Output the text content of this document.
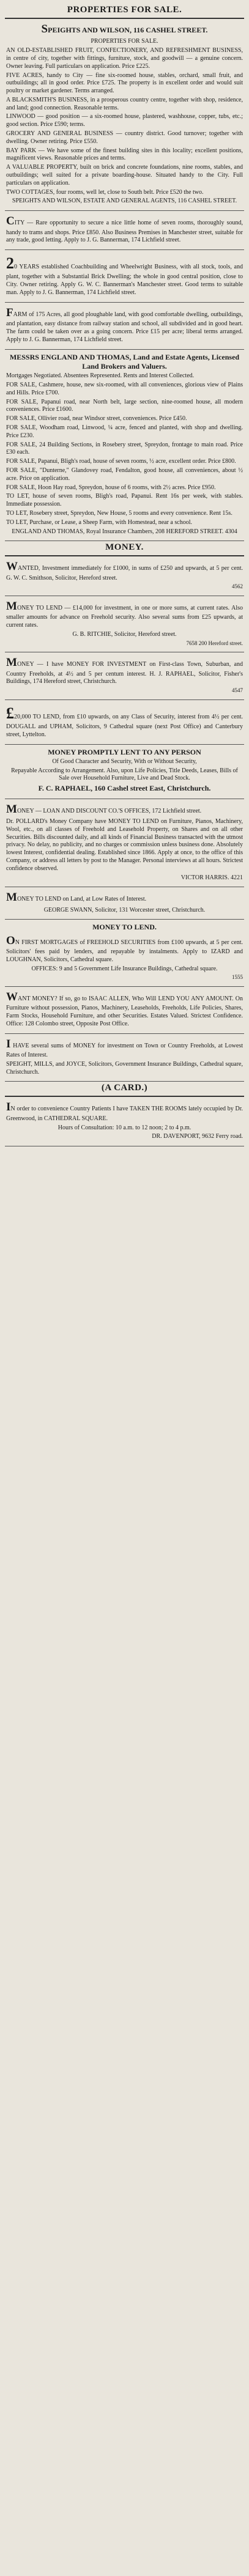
PROPERTIES FOR SALE.

SPEIGHTS AND WILSON, 116 CASHEL STREET.

PROPERTIES FOR SALE.

AN OLD-ESTABLISHED FRUIT, CONFECTIONERY, AND REFRESHMENT BUSINESS, in centre of city, together with fittings, furniture, stock, and goodwill — a genuine concern. Owner leaving. Full particulars on application. Price £225.

FIVE ACRES, handy to City — fine six-roomed house, stables, orchard, small fruit, and outbuildings; all in good order. Price £725. The property is in excellent order and would suit poultry or market gardener. Terms arranged.

A BLACKSMITH'S BUSINESS, in a prosperous country centre, together with shop, residence, and land; good connection. Reasonable terms.

LINWOOD — good position — a six-roomed house, plastered, washhouse, copper, tubs, etc.; good section. Price £590; terms.

GROCERY AND GENERAL BUSINESS — country district. Good turnover; together with dwelling. Owner retiring. Price £550.

BAY PARK — We have some of the finest building sites in this locality; excellent positions, magnificent views. Reasonable prices and terms.

A VALUABLE PROPERTY, built on brick and concrete foundations, nine rooms, stables, and outbuildings; well suited for a private boarding-house. Situated handy to the City. Full particulars on application.

TWO COTTAGES, four rooms, well let, close to South belt. Price £520 the two.

SPEIGHTS AND WILSON, ESTATE AND GENERAL AGENTS, 116 CASHEL STREET.

CITY — Rare opportunity to secure a nice little home of seven rooms, thoroughly sound, handy to trams and shops. Price £850. Also Business Premises in Manchester street, suitable for any trade, good letting. Apply to J. G. Bannerman, 174 Lichfield street.

20 YEARS established Coachbuilding and Wheelwright Business, with all stock, tools, and plant, together with a Substantial Brick Dwelling; the whole in good central position, close to City. Owner retiring. Apply G. W. C. Bannerman's Manchester street. Good terms to suitable man. Apply to J. G. Bannerman, 174 Lichfield street.

FARM of 175 Acres, all good ploughable land, with good comfortable dwelling, outbuildings, and plantation, easy distance from railway station and school, all subdivided and in good heart. The farm could be taken over as a going concern. Price £15 per acre; liberal terms arranged. Apply to J. G. Bannerman, 174 Lichfield street.

MESSRS ENGLAND AND THOMAS, Land and Estate Agents, Licensed Land Brokers and Valuers.

Mortgages Negotiated. Absentees Represented. Rents and Interest Collected.

FOR SALE, Cashmere, house, new six-roomed, with all conveniences, glorious view of Plains and Hills. Price £700.

FOR SALE, Papanui road, near North belt, large section, nine-roomed house, all modern conveniences. Price £1600.

FOR SALE, Ollivier road, near Windsor street, conveniences. Price £450.

FOR SALE, Woodham road, Linwood, ¼ acre, fenced and planted, with shop and dwelling. Price £230.

FOR SALE, 24 Building Sections, in Rosebery street, Spreydon, frontage to main road. Price £30 each.

FOR SALE, Papanui, Bligh's road, house of seven rooms, ½ acre, excellent order. Price £800.

FOR SALE, "Dunterne," Glandovey road, Fendalton, good house, all conveniences, about ½ acre. Price on application.

FOR SALE, Hoon Hay road, Spreydon, house of 6 rooms, with 2½ acres. Price £950.

TO LET, house of seven rooms, Bligh's road, Papanui. Rent 16s per week, with stables. Immediate possession.

TO LET, Rosebery street, Spreydon, New House, 5 rooms and every convenience. Rent 15s.

TO LET, Purchase, or Lease, a Sheep Farm, with Homestead, near a school.

ENGLAND AND THOMAS, Royal Insurance Chambers, 208 HEREFORD STREET. 4304

MONEY.

WANTED, Investment immediately for £1000, in sums of £250 and upwards, at 5 per cent. G. W. C. Smithson, Solicitor, Hereford street.

4562

MONEY TO LEND — £14,000 for investment, in one or more sums, at current rates. Also smaller amounts for advance on Freehold security. Also several sums from £25 upwards, at current rates.

G. B. RITCHIE, Solicitor, Hereford street.

7658 200 Hereford street.

MONEY — I have MONEY FOR INVESTMENT on First-class Town, Suburban, and Country Freeholds, at 4½ and 5 per centum interest. H. J. RAPHAEL, Solicitor, Fisher's Buildings, 174 Hereford street, Christchurch.

4547

£20,000 TO LEND, from £10 upwards, on any Class of Security, interest from 4½ per cent. DOUGALL and UPHAM, Solicitors, 9 Cathedral square (next Post Office) and Canterbury street, Lyttelton.

MONEY PROMPTLY LENT TO ANY PERSON

Of Good Character and Security, With or Without Security,

Repayable According to Arrangement. Also, upon Life Policies, Title Deeds, Leases, Bills of Sale over Household Furniture, Live and Dead Stock.

F. C. RAPHAEL, 160 Cashel street East, Christchurch.

MONEY — LOAN AND DISCOUNT CO.'S OFFICES, 172 Lichfield street.

Dr. POLLARD's Money Company have MONEY TO LEND on Furniture, Pianos, Machinery, Wool, etc., on all classes of Freehold and Leasehold Property, on Shares and on all other Securities. Bills discounted daily, and all kinds of Financial Business transacted with the utmost privacy. No delay, no publicity, and no charges or commission unless business done. Absolutely lowest Interest, confidential dealing. Established since 1866. Apply at once, to the office of this Company, or address all letters by post to the Manager. Personal interviews at all hours. Strictest confidence observed.

VICTOR HARRIS. 4221

MONEY TO LEND on Land, at Low Rates of Interest.

GEORGE SWANN, Solicitor, 131 Worcester street, Christchurch.

MONEY TO LEND.

ON FIRST MORTGAGES of FREEHOLD SECURITIES from £100 upwards, at 5 per cent. Solicitors' fees paid by lenders, and repayable by instalments. Apply to IZARD and LOUGHNAN, Solicitors, Cathedral square.

OFFICES: 9 and 5 Government Life Insurance Buildings, Cathedral square.

1555

WANT MONEY? If so, go to ISAAC ALLEN, Who Will LEND YOU ANY AMOUNT. On Furniture without possession, Pianos, Machinery, Leaseholds, Freeholds, Life Policies, Shares, Farm Stocks, Household Furniture, and other Securities. Estates Valued. Strictest Confidence. Office: 128 Colombo street, Opposite Post Office.

I HAVE several sums of MONEY for investment on Town or Country Freeholds, at Lowest Rates of Interest.

SPEIGHT, MILLS, and JOYCE, Solicitors, Government Insurance Buildings, Cathedral square, Christchurch.

(A CARD.)

IN order to convenience Country Patients I have TAKEN THE ROOMS lately occupied by Dr. Greenwood, in CATHEDRAL SQUARE.

Hours of Consultation: 10 a.m. to 12 noon; 2 to 4 p.m.

DR. DAVENPORT, 9632 Ferry road.
